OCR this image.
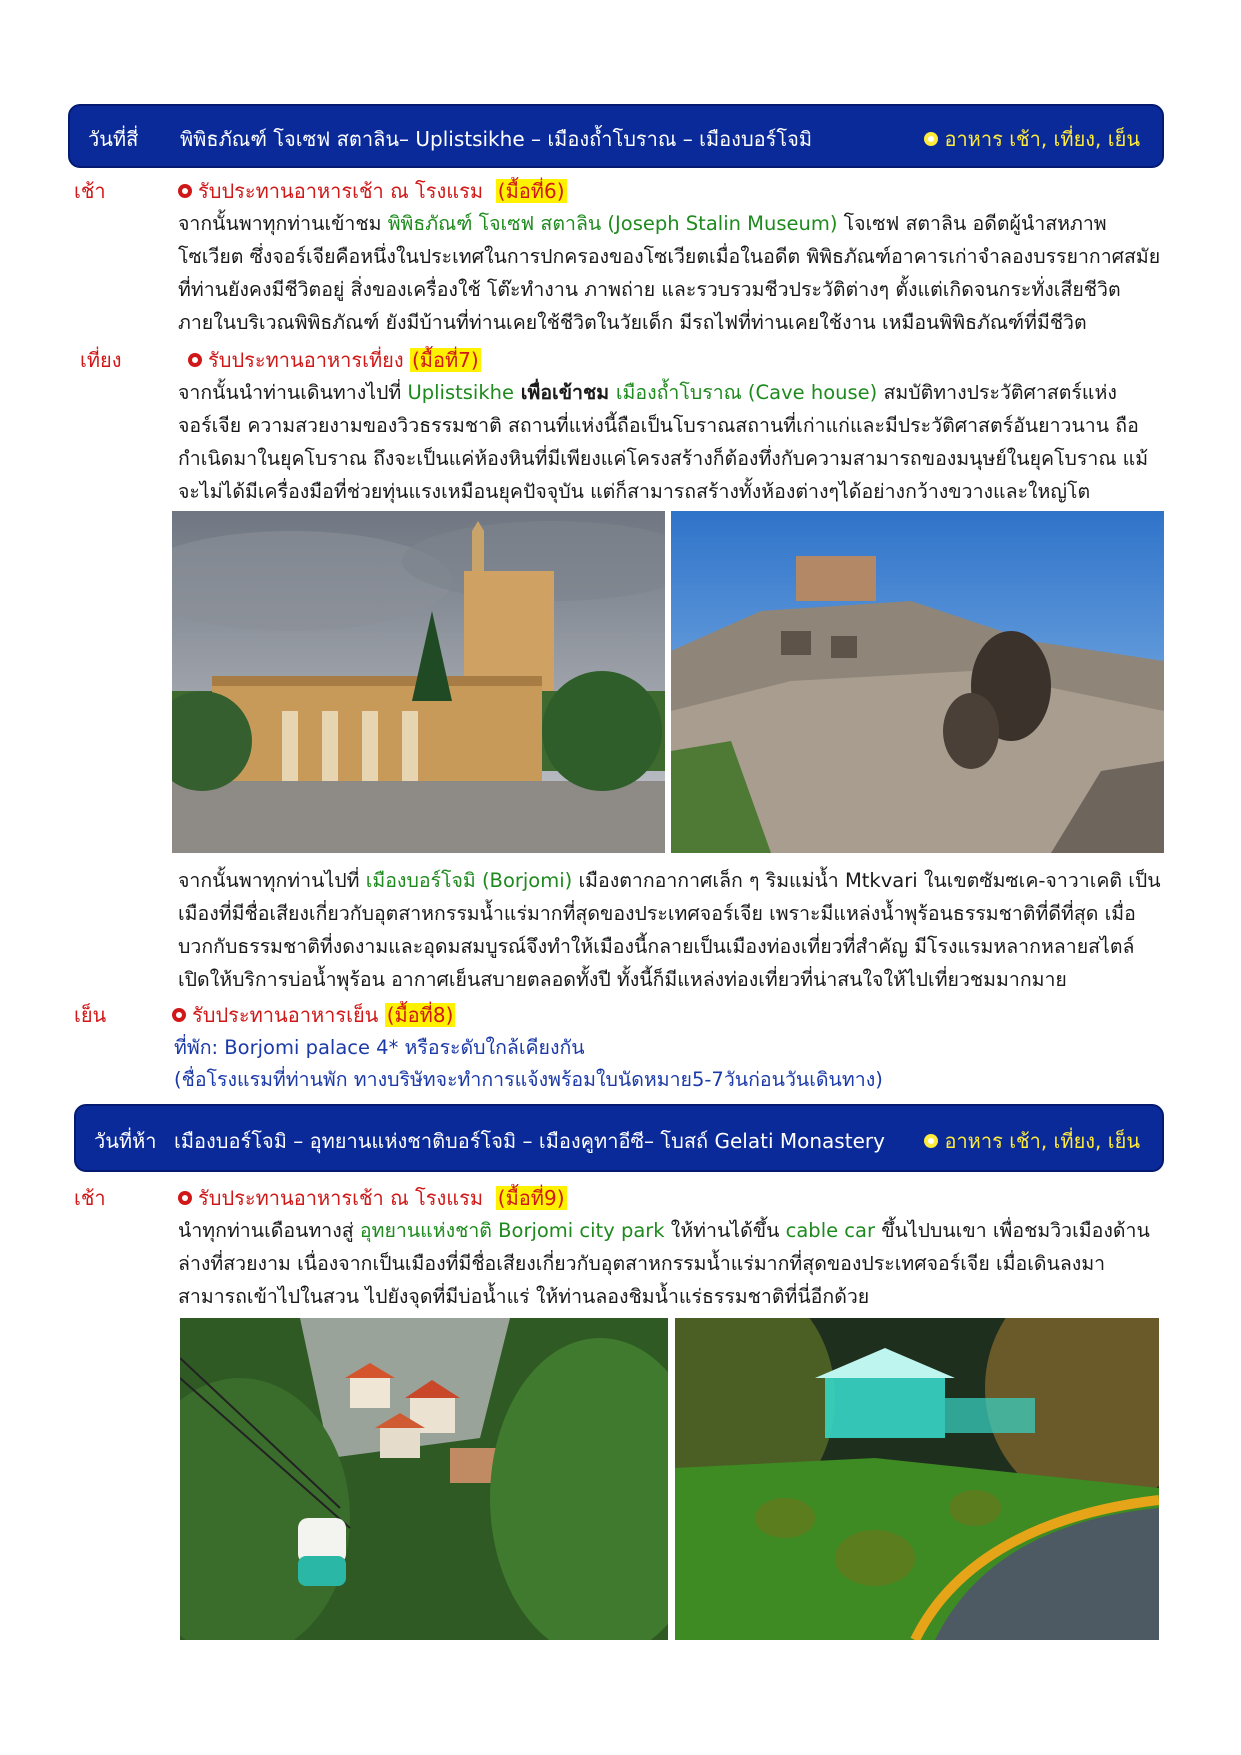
วันที่สี่ พิพิธภัณฑ์ โจเซฟ สตาลิน– Uplistsikhe – เมืองถ้ำโบราณ – เมืองบอร์โจมิ	อาหาร เช้า, เที่ยง, เย็น
เช้า	รับประทานอาหารเช้า ณ โรงแรม (มื้อที่6)
จากนั้นพาทุกท่านเข้าชม พิพิธภัณฑ์ โจเซฟ สตาลิน (Joseph Stalin Museum) โจเซฟ สตาลิน อดีตผู้นำสหภาพโซเวียต ซึ่งจอร์เจียคือหนึ่งในประเทศในการปกครองของโซเวียตเมื่อในอดีต พิพิธภัณฑ์อาคารเก่าจำลองบรรยากาศสมัยที่ท่านยังคงมีชีวิตอยู่ สิ่งของเครื่องใช้ โต๊ะทำงาน ภาพถ่าย และรวบรวมชีวประวัติต่างๆ ตั้งแต่เกิดจนกระทั่งเสียชีวิต ภายในบริเวณพิพิธภัณฑ์ ยังมีบ้านที่ท่านเคยใช้ชีวิตในวัยเด็ก มีรถไฟที่ท่านเคยใช้งาน เหมือนพิพิธภัณฑ์ที่มีชีวิต
เที่ยง	รับประทานอาหารเที่ยง (มื้อที่7)
จากนั้นนำท่านเดินทางไปที่ Uplistsikhe เพื่อเข้าชม เมืองถ้ำโบราณ (Cave house) สมบัติทางประวัติศาสตร์แห่งจอร์เจีย ความสวยงามของวิวธรรมชาติ สถานที่แห่งนี้ถือเป็นโบราณสถานที่เก่าแก่และมีประวัติศาสตร์อันยาวนาน ถือกำเนิดมาในยุคโบราณ ถึงจะเป็นแค่ห้องหินที่มีเพียงแค่โครงสร้างก็ต้องทึ่งกับความสามารถของมนุษย์ในยุคโบราณ แม้จะไม่ได้มีเครื่องมือที่ช่วยทุ่นแรงเหมือนยุคปัจจุบัน แต่ก็สามารถสร้างทั้งห้องต่างๆได้อย่างกว้างขวางและใหญ่โต
จากนั้นพาทุกท่านไปที่ เมืองบอร์โจมิ (Borjomi) เมืองตากอากาศเล็ก ๆ ริมแม่น้ำ Mtkvari ในเขตซัมซเค-จาวาเคติ เป็นเมืองที่มีชื่อเสียงเกี่ยวกับอุตสาหกรรมน้ำแร่มากที่สุดของประเทศจอร์เจีย เพราะมีแหล่งน้ำพุร้อนธรรมชาติที่ดีที่สุด เมื่อบวกกับธรรมชาติที่งดงามและอุดมสมบูรณ์จึงทำให้เมืองนี้กลายเป็นเมืองท่องเที่ยวที่สำคัญ มีโรงแรมหลากหลายสไตล์เปิดให้บริการบ่อน้ำพุร้อน อากาศเย็นสบายตลอดทั้งปี ทั้งนี้ก็มีแหล่งท่องเที่ยวที่น่าสนใจให้ไปเที่ยวชมมากมาย
เย็น	รับประทานอาหารเย็น (มื้อที่8)
ที่พัก: Borjomi palace 4* หรือระดับใกล้เคียงกัน
(ชื่อโรงแรมที่ท่านพัก ทางบริษัทจะทำการแจ้งพร้อมใบนัดหมาย5-7วันก่อนวันเดินทาง)
วันที่ห้า เมืองบอร์โจมิ – อุทยานแห่งชาติบอร์โจมิ – เมืองคูทาอีซี– โบสถ์ Gelati Monastery	อาหาร เช้า, เที่ยง, เย็น
เช้า	รับประทานอาหารเช้า ณ โรงแรม (มื้อที่9)
นำทุกท่านเดือนทางสู่ อุทยานแห่งชาติ Borjomi city park ให้ท่านได้ขึ้น cable car ขึ้นไปบนเขา เพื่อชมวิวเมืองด้านล่างที่สวยงาม เนื่องจากเป็นเมืองที่มีชื่อเสียงเกี่ยวกับอุตสาหกรรมน้ำแร่มากที่สุดของประเทศจอร์เจีย เมื่อเดินลงมาสามารถเข้าไปในสวน ไปยังจุดที่มีบ่อน้ำแร่ ให้ท่านลองชิมน้ำแร่ธรรมชาติที่นี่อีกด้วย
